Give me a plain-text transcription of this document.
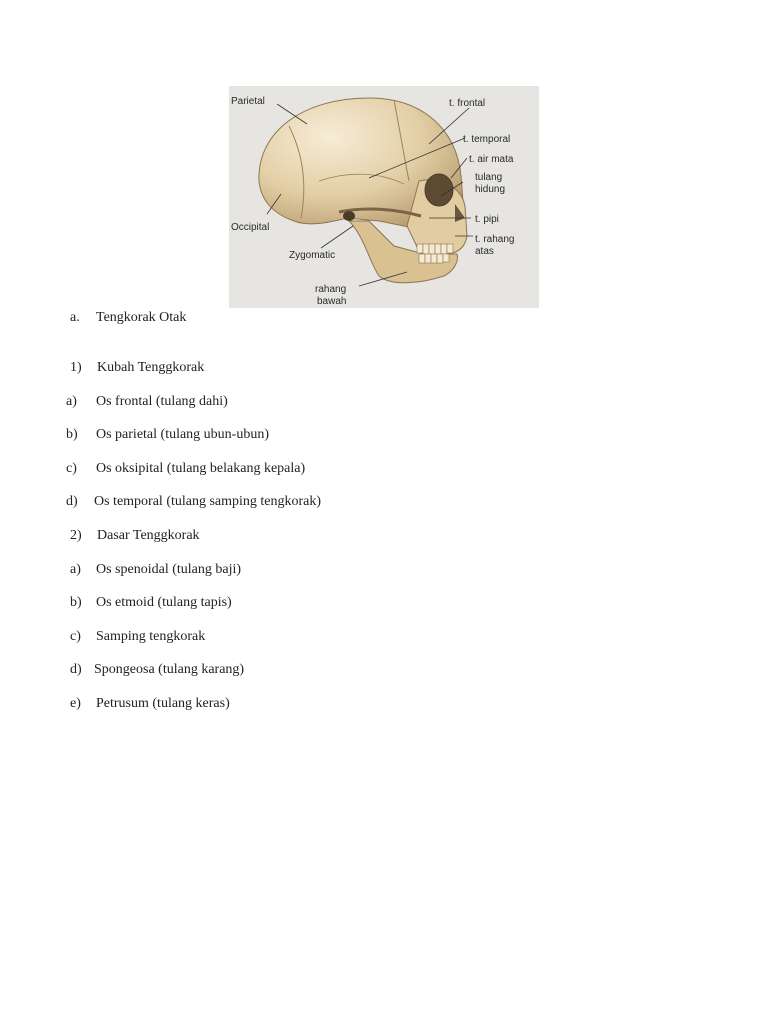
Parietal	t. frontal
t. temporal
t. air mata
tulang
hidung
Occipital
t. pipi
t. rahang
atas
Zygomatic
rahang
bawah
a. Tengkorak Otak
1) Kubah Tenggkorak
a) Os frontal (tulang dahi)
b) Os parietal (tulang ubun-ubun)
c) Os oksipital (tulang belakang kepala)
d) Os temporal (tulang samping tengkorak)
2) Dasar Tenggkorak
a) Os spenoidal (tulang baji)
b) Os etmoid (tulang tapis)
c) Samping tengkorak
d) Spongeosa (tulang karang)
e) Petrusum (tulang keras)
